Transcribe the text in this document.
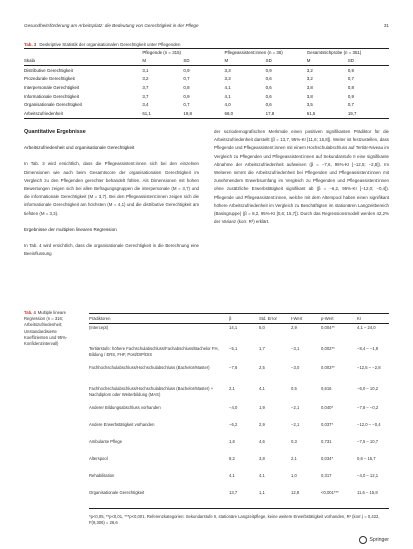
Gesundheitsförderung am Arbeitsplatz: die Bedeutung von Gerechtigkeit in der Pflege	31
Tab. 3 Deskriptive Statistik der organisationalen Gerechtigkeit unter Pflegenden
	Pflegende (n = 315)		Pflegeassistent:innen (n = 36)		Gesamtstichprobe (n = 351)	
Skala	M	SD	M	SD	M	SD
Distributive Gerechtigkeit	3,1	0,9	3,3	0,9	3,2	0,9
Prozedurale Gerechtigkeit	3,2	0,7	3,3	0,6	3,2	0,7
Interpersonale Gerechtigkeit	3,7	0,8	4,1	0,6	3,8	0,8
Informationale Gerechtigkeit	3,7	0,9	4,1	0,6	3,8	0,9
Organisationale Gerechtigkeit	3,4	0,7	4,0	0,6	3,5	0,7
Arbeitszufriedenheit	61,1	19,8	68,0	17,8	61,5	19,7
Quantitative Ergebnisse
Arbeitszufriedenheit und organisationale Gerechtigkeit

In Tab. 3 wird ersichtlich, dass die Pflegeassistent:innen sich bei den einzelnen Dimensionen wie auch beim Gesamtscore der organisationalen Gerechtigkeit im Vergleich zu den Pflegenden gerechter behandelt fühlen. Als Dimensionen mit hohen Bewertungen zeigen sich bei allen Befragungsgruppen die interpersonale (M = 3,7) und die informationale Gerechtigkeit (M = 3,7). Bei den Pflegeassistent:innen zeigen sich die informationale Gerechtigkeit am höchsten (M = 4,1) und die distributive Gerechtigkeit am tiefsten (M = 3,3).

Ergebnisse der multiplen linearen Regression

In Tab. 4 wird ersichtlich, dass die organisationale Gerechtigkeit in die Berechnung eine Beeinflussung

der soziodemografischen Merkmale einen positiven signifikanten Prädiktor für die Arbeitszufriedenheit darstellt (β = 13,7, 95%-KI [11,6; 15,8]). Weiter ist festzustellen, dass Pflegende und Pflegeassistent:innen mit einem Hochschulabschluss auf Tertiär-Niveau im Vergleich zu Pflegenden und Pflegeassistent:innen auf Sekundarstufe II eine signifikante Abnahme der Arbeitszufriedenheit aufweisen (β = −7,6, 95%-KI [−12,5; −2,8]). Im Weiteren nimmt die Arbeitszufriedenheit bei Pflegenden und Pflegeassistent:innen mit zunehmendem Erwerbsumfang im Vergleich zu Pflegenden und Pflegeassistent:innen ohne zusätzliche Erwerbstätigkeit signifikant ab (β = −6,2, 95%-KI [−12,0; −0,4]). Pflegende und Pflegeassistent:innen, welche mit dem Alterspool haben einen signifikant höhere Arbeitszufriedenheit im Vergleich zu Beschäftigten im stationären Langzeitbereich (Basisgruppe) (β = 8,2, 95%-KI [0,6; 15,7]). Durch das Regressionsmodell werden 42,2% der Varianz (korr. R²) erklärt.

Tab. 4 Multiple lineare Regression (n = 316; Arbeitszufriedenheit; Unstandardisierte Koeffizienten und 95%-Konfidenzintervall)
Prädiktoren	β	Std. Error	t-Wert	p-Wert	KI
(Intercept)	14,1	5,0	2,9	0,004**	4,1 – 24,0
Tertiärstufe: höhere Fachschulabschluss/Fachabschluss/Bachelor FH, Bildung / ERS, FHF, Post/DIP/DIS	−5,1	1,7	−3,1	0,002**	−8,4 – −1,8
Fachhochschulabschluss/Hochschulabschluss (Bachelor/Master)	−7,6	2,5	−3,0	0,003**	−12,5 – −2,8
Fachhochschulabschluss/Hochschulabschluss (Bachelor/Master) + Nachdiplom oder Weiterbildung (MAS)	2,1	4,1	0,5	0,616	−6,0 – 10,2
Anderer Bildungsabschluss vorhanden	−4,0	1,9	−2,1	0,040*	−7,8 – −0,2
Andere Erwerbstätigkeit vorhanden	−6,2	2,9	−2,1	0,037*	−12,0 – −0,4
Ambulante Pflege	1,6	4,6	0,3	0,731	−7,5 – 10,7
Alterspool	8,2	3,8	2,1	0,034*	0,6 – 15,7
Rehabilitation	4,1	4,1	1,0	0,317	−4,0 – 12,1
Organisationale Gerechtigkeit	13,7	1,1	12,8	<0,001***	11,6 – 15,8
*p<0,05, **p<0,01, ***p<0,001. Referenzkategorien: Sekundarstufe II, stationäre Langzeitpflege, keine weitere Erwerbstätigkeit vorhanden, R² (korr.) = 0,422, F(9,306) = 26,6
Springer
